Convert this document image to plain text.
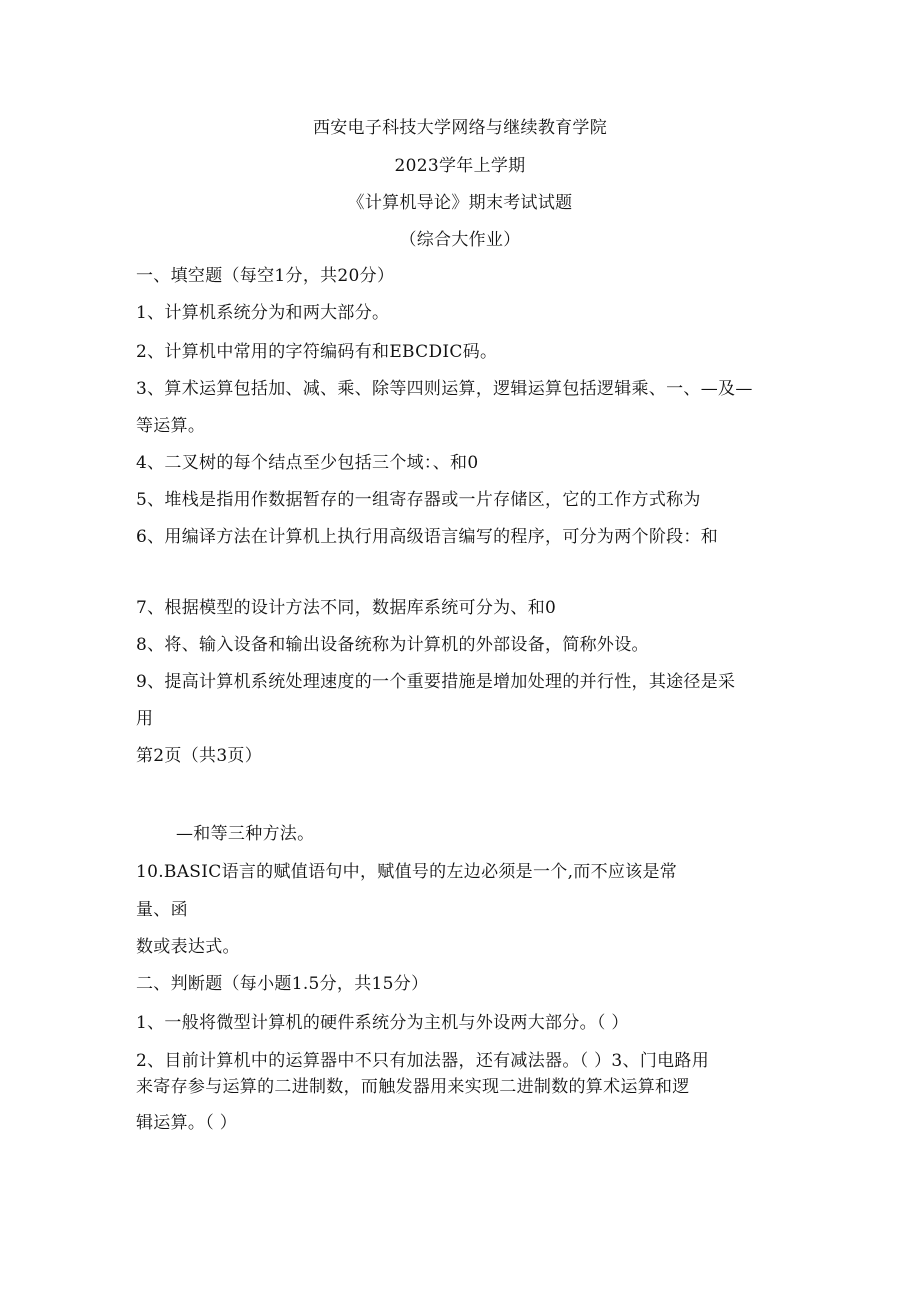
西安电子科技大学网络与继续教育学院
2023学年上学期
《计算机导论》期末考试试题
（综合大作业）
一、填空题（每空1分，共20分）
1、计算机系统分为和两大部分。
2、计算机中常用的字符编码有和EBCDIC码。
3、算术运算包括加、减、乘、除等四则运算，逻辑运算包括逻辑乘、一、—及—
等运算。
4、二叉树的每个结点至少包括三个域：、和0
5、堆栈是指用作数据暂存的一组寄存器或一片存储区，它的工作方式称为
6、用编译方法在计算机上执行用高级语言编写的程序，可分为两个阶段：和
7、根据模型的设计方法不同，数据库系统可分为、和0
8、将、输入设备和输出设备统称为计算机的外部设备，简称外设。
9、提高计算机系统处理速度的一个重要措施是增加处理的并行性，其途径是采
用
第2页（共3页）
—和等三种方法。
10.BASIC语言的赋值语句中，赋值号的左边必须是一个,而不应该是常
量、函
数或表达式。
二、判断题（每小题1.5分，共15分）
1、一般将微型计算机的硬件系统分为主机与外设两大部分。（ ）
2、目前计算机中的运算器中不只有加法器，还有减法器。（ ）3、门电路用
来寄存参与运算的二进制数，而触发器用来实现二进制数的算术运算和逻
辑运算。（ ）
